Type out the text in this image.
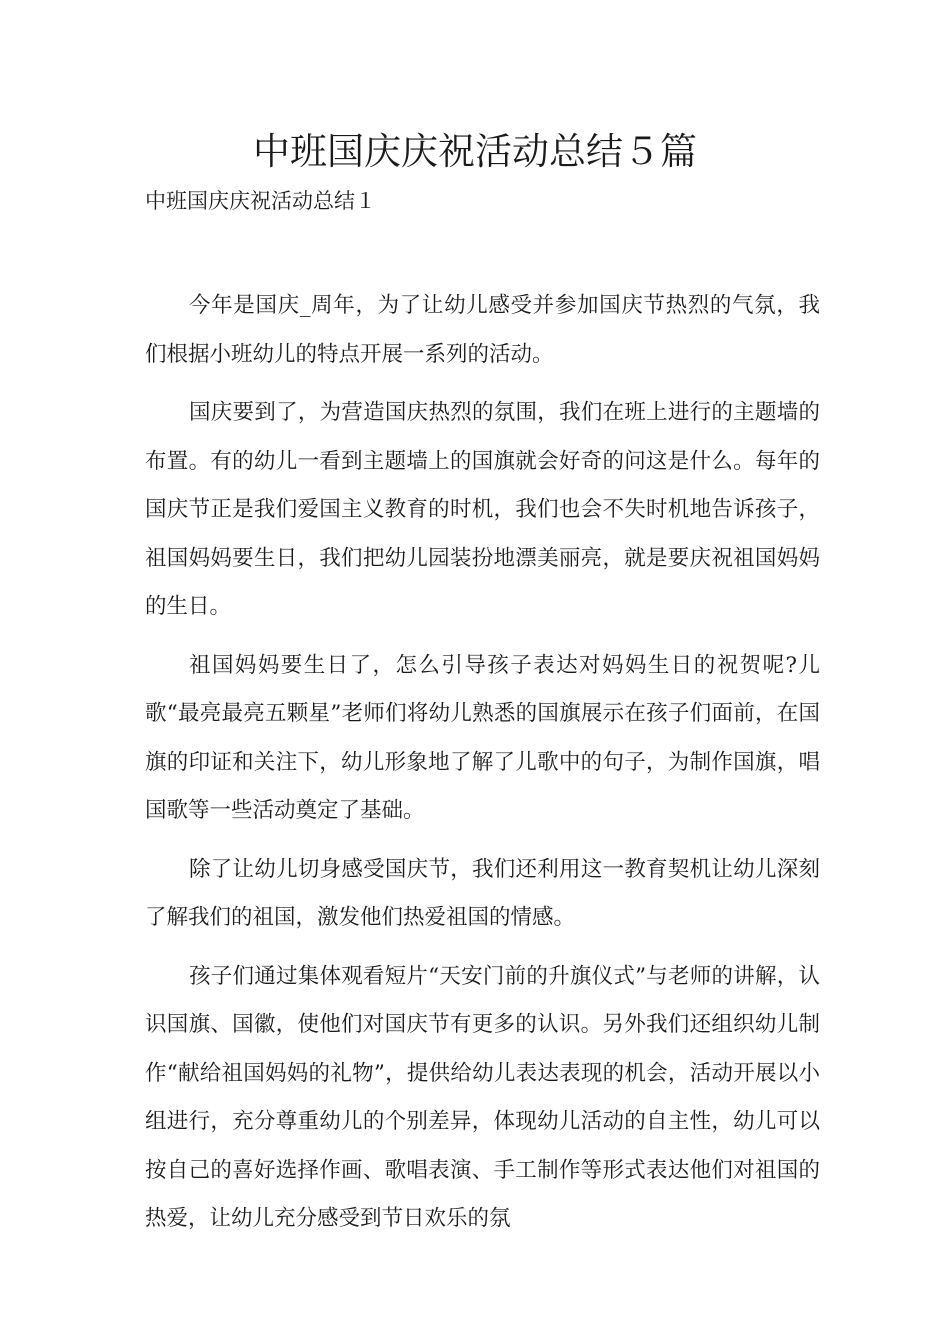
中班国庆庆祝活动总结５篇

中班国庆庆祝活动总结１

今年是国庆_周年，为了让幼儿感受并参加国庆节热烈的气氛，我们根据小班幼儿的特点开展一系列的活动。

国庆要到了，为营造国庆热烈的氛围，我们在班上进行的主题墙的布置。有的幼儿一看到主题墙上的国旗就会好奇的问这是什么。每年的国庆节正是我们爱国主义教育的时机，我们也会不失时机地告诉孩子，祖国妈妈要生日，我们把幼儿园装扮地漂美丽亮，就是要庆祝祖国妈妈的生日。

祖国妈妈要生日了，怎么引导孩子表达对妈妈生日的祝贺呢?儿歌“最亮最亮五颗星”老师们将幼儿熟悉的国旗展示在孩子们面前，在国旗的印证和关注下，幼儿形象地了解了儿歌中的句子，为制作国旗，唱国歌等一些活动奠定了基础。

除了让幼儿切身感受国庆节，我们还利用这一教育契机让幼儿深刻了解我们的祖国，激发他们热爱祖国的情感。

孩子们通过集体观看短片“天安门前的升旗仪式”与老师的讲解，认识国旗、国徽，使他们对国庆节有更多的认识。另外我们还组织幼儿制作“献给祖国妈妈的礼物”，提供给幼儿表达表现的机会，活动开展以小组进行，充分尊重幼儿的个别差异，体现幼儿活动的自主性，幼儿可以按自己的喜好选择作画、歌唱表演、手工制作等形式表达他们对祖国的热爱，让幼儿充分感受到节日欢乐的氛
